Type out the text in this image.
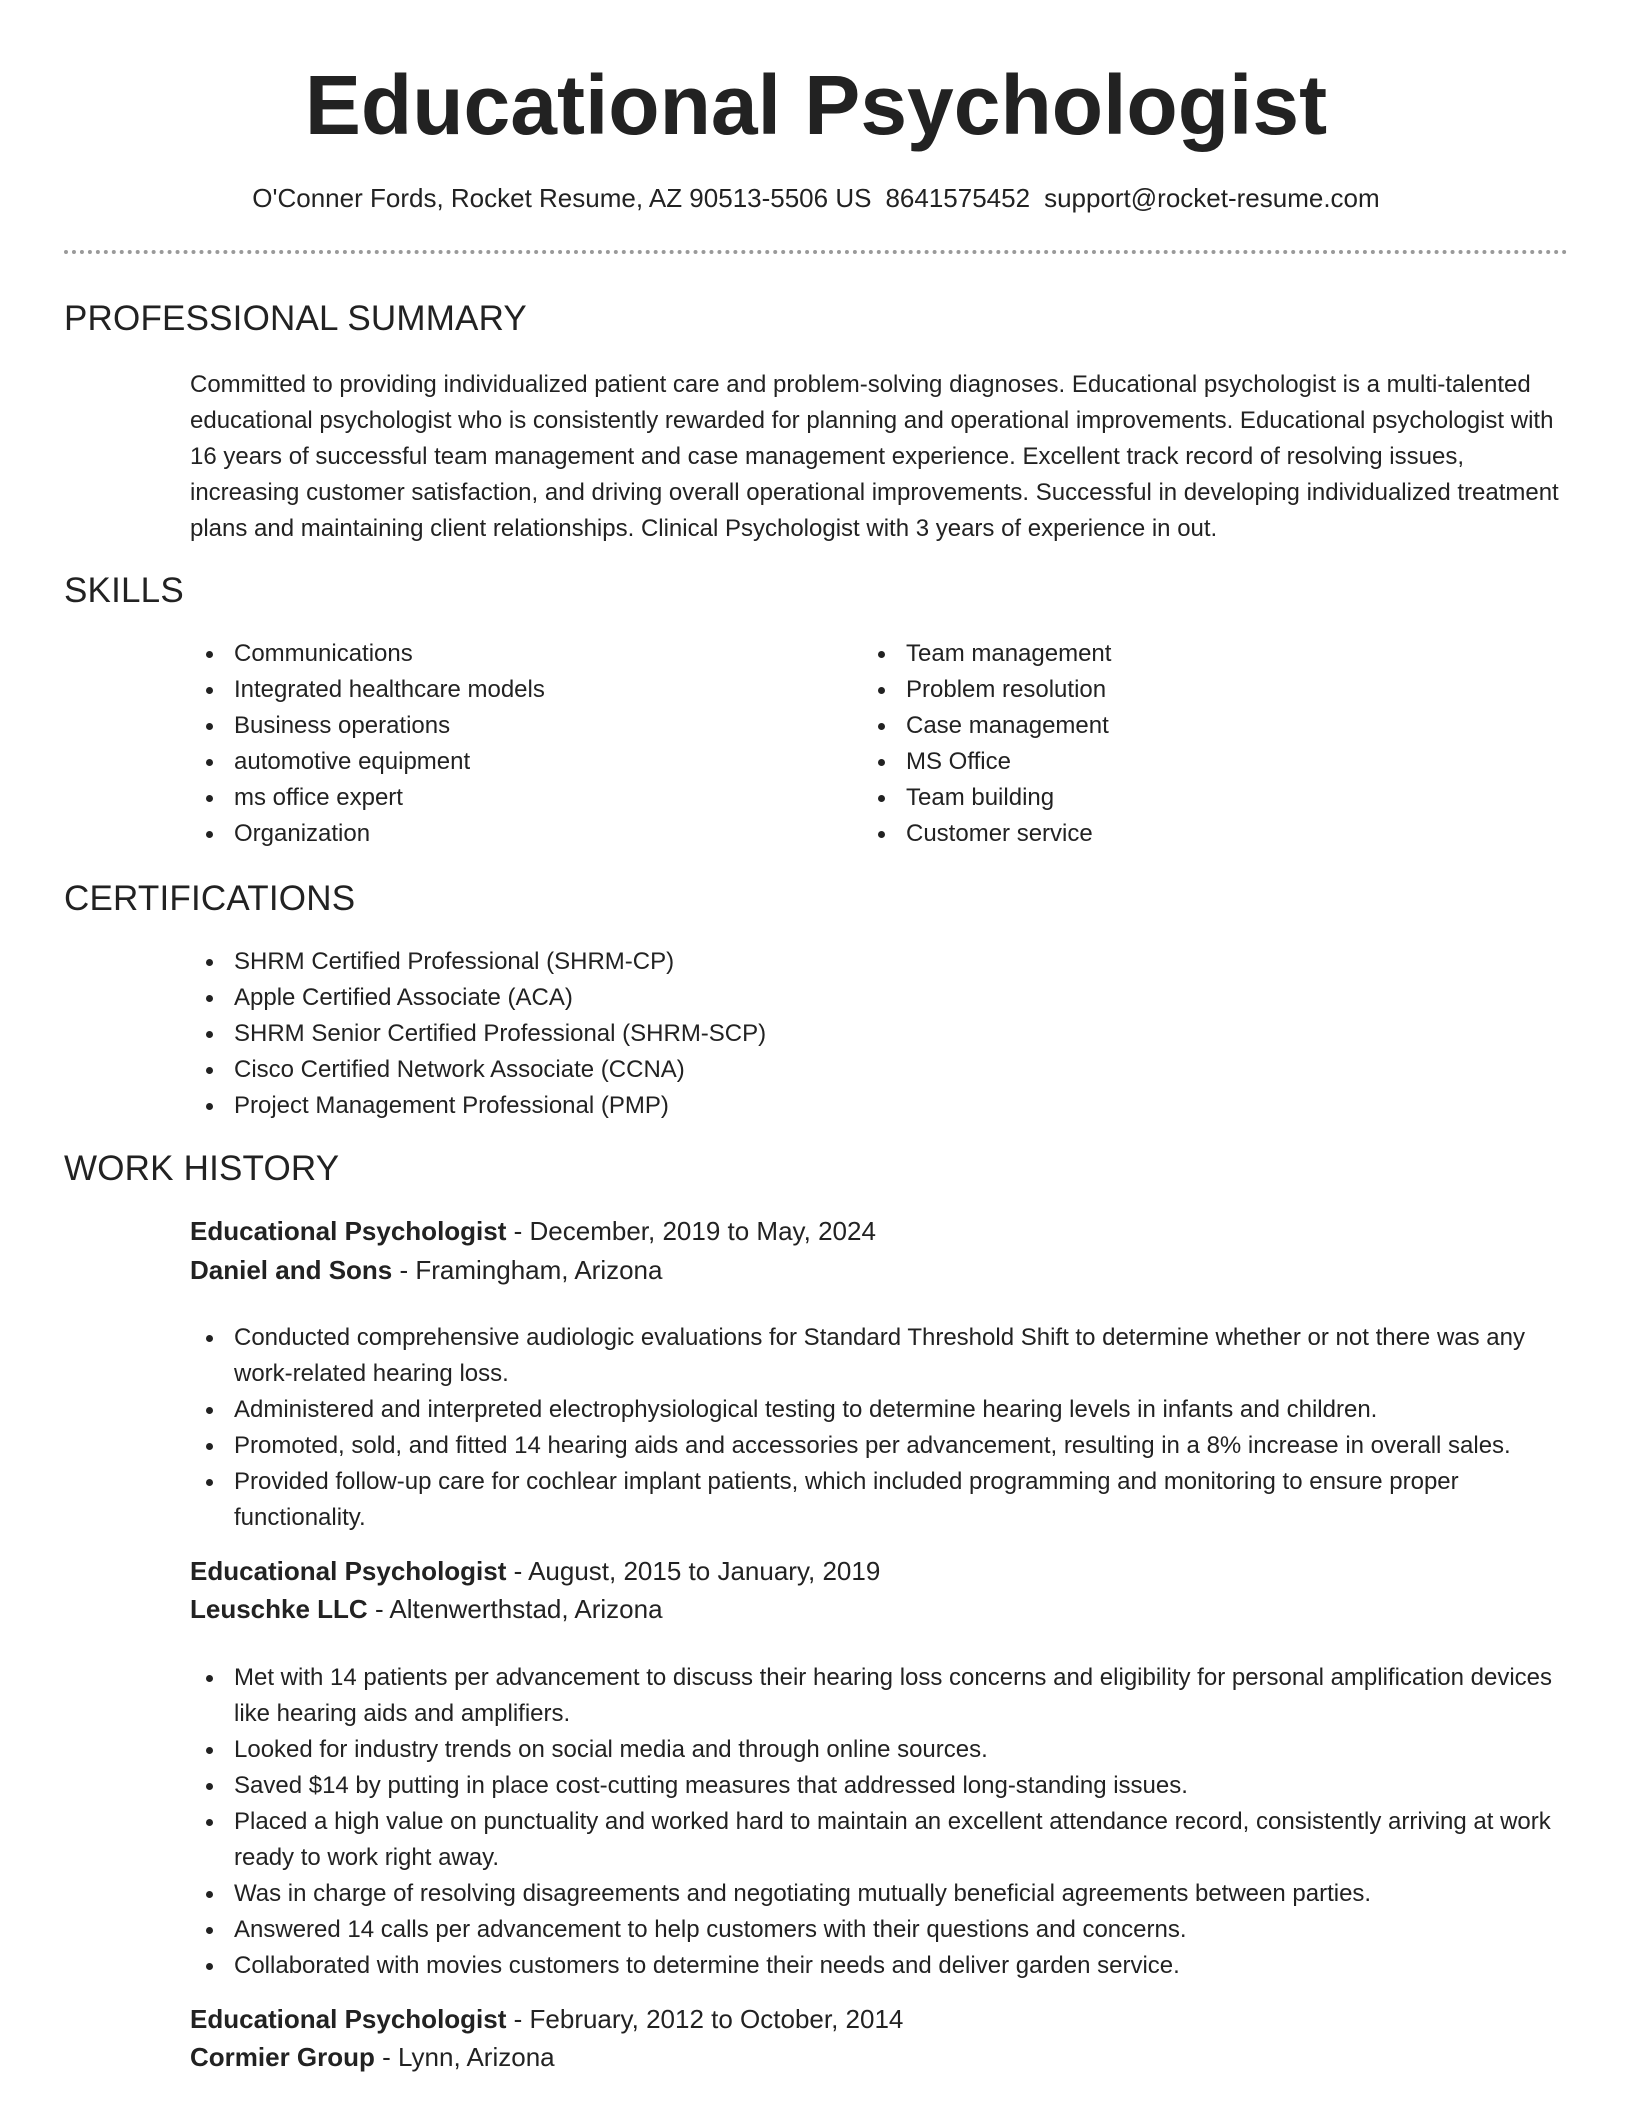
Educational Psychologist
O'Conner Fords, Rocket Resume, AZ 90513-5506 US 8641575452 support@rocket-resume.com
PROFESSIONAL SUMMARY

Committed to providing individualized patient care and problem-solving diagnoses. Educational psychologist is a multi-talented educational psychologist who is consistently rewarded for planning and operational improvements. Educational psychologist with 16 years of successful team management and case management experience. Excellent track record of resolving issues, increasing customer satisfaction, and driving overall operational improvements. Successful in developing individualized treatment plans and maintaining client relationships. Clinical Psychologist with 3 years of experience in out.

SKILLS
Communications
Integrated healthcare models
Business operations
automotive equipment
ms office expert
Organization
Team management
Problem resolution
Case management
MS Office
Team building
Customer service
CERTIFICATIONS
SHRM Certified Professional (SHRM-CP)
Apple Certified Associate (ACA)
SHRM Senior Certified Professional (SHRM-SCP)
Cisco Certified Network Associate (CCNA)
Project Management Professional (PMP)
WORK HISTORY
Educational Psychologist - December, 2019 to May, 2024
Daniel and Sons - Framingham, Arizona
Conducted comprehensive audiologic evaluations for Standard Threshold Shift to determine whether or not there was any work-related hearing loss.
Administered and interpreted electrophysiological testing to determine hearing levels in infants and children.
Promoted, sold, and fitted 14 hearing aids and accessories per advancement, resulting in a 8% increase in overall sales.
Provided follow-up care for cochlear implant patients, which included programming and monitoring to ensure proper functionality.
Educational Psychologist - August, 2015 to January, 2019
Leuschke LLC - Altenwerthstad, Arizona
Met with 14 patients per advancement to discuss their hearing loss concerns and eligibility for personal amplification devices like hearing aids and amplifiers.
Looked for industry trends on social media and through online sources.
Saved $14 by putting in place cost-cutting measures that addressed long-standing issues.
Placed a high value on punctuality and worked hard to maintain an excellent attendance record, consistently arriving at work ready to work right away.
Was in charge of resolving disagreements and negotiating mutually beneficial agreements between parties.
Answered 14 calls per advancement to help customers with their questions and concerns.
Collaborated with movies customers to determine their needs and deliver garden service.
Educational Psychologist - February, 2012 to October, 2014
Cormier Group - Lynn, Arizona
